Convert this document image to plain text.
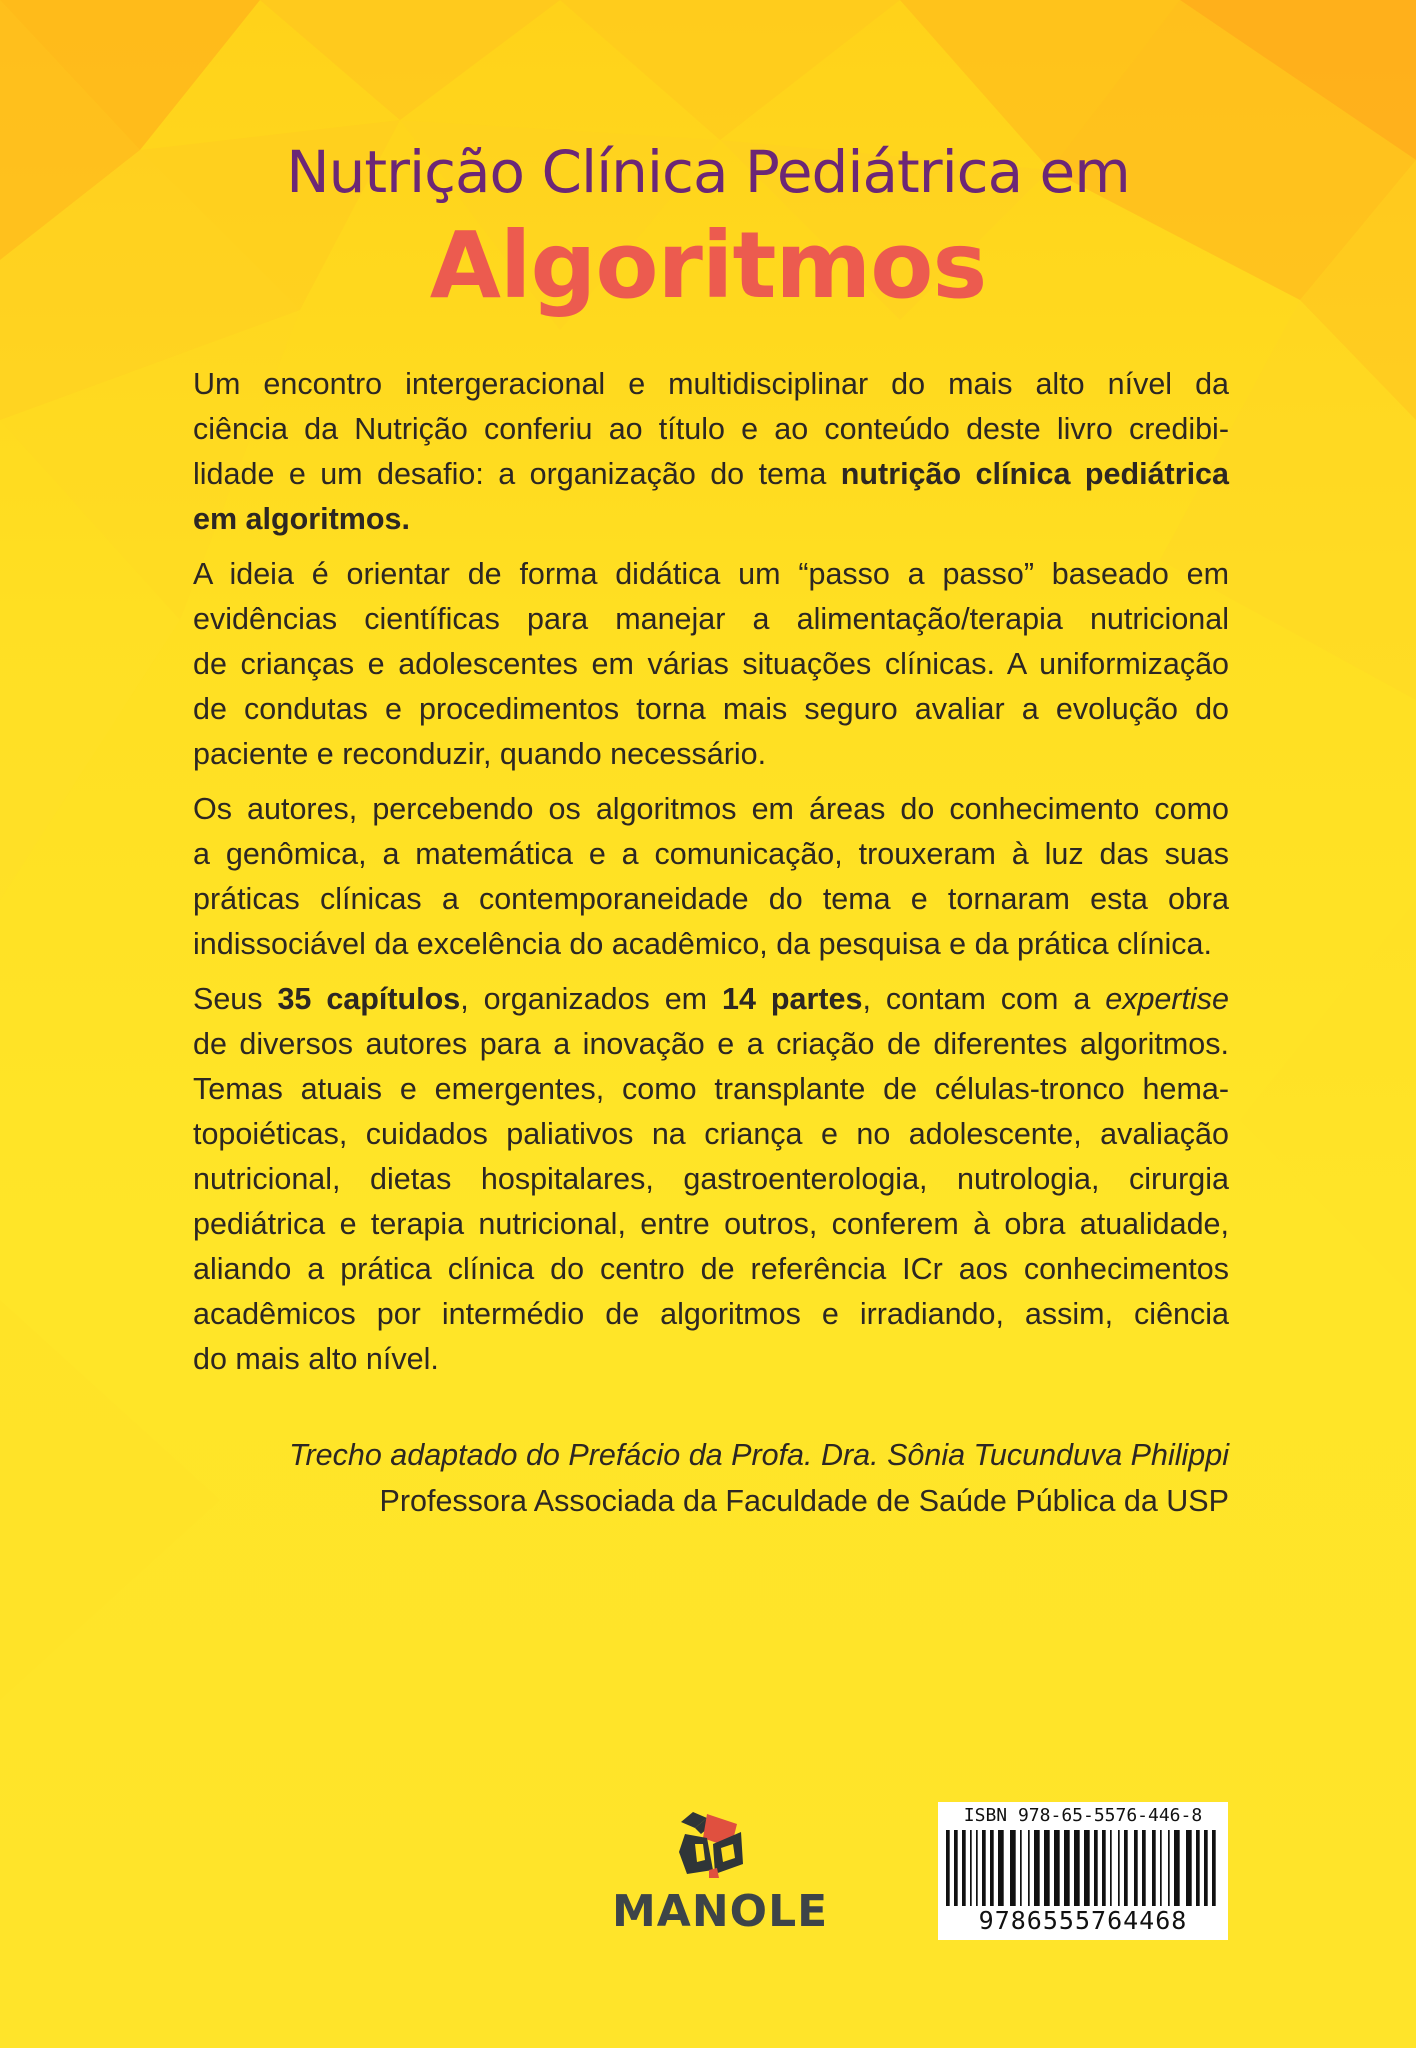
Nutrição Clínica Pediátrica em
Algoritmos

Um encontro intergeracional e multidisciplinar do mais alto nível da
ciência da Nutrição conferiu ao título e ao conteúdo deste livro credibi-
lidade e um desafio: a organização do tema nutrição clínica pediátrica
em algoritmos.

A ideia é orientar de forma didática um “passo a passo” baseado em
evidências científicas para manejar a alimentação/terapia nutricional
de crianças e adolescentes em várias situações clínicas. A uniformização
de condutas e procedimentos torna mais seguro avaliar a evolução do
paciente e reconduzir, quando necessário.

Os autores, percebendo os algoritmos em áreas do conhecimento como
a genômica, a matemática e a comunicação, trouxeram à luz das suas
práticas clínicas a contemporaneidade do tema e tornaram esta obra
indissociável da excelência do acadêmico, da pesquisa e da prática clínica.

Seus 35 capítulos, organizados em 14 partes, contam com a expertise
de diversos autores para a inovação e a criação de diferentes algoritmos.
Temas atuais e emergentes, como transplante de células-tronco hema-
topoiéticas, cuidados paliativos na criança e no adolescente, avaliação
nutricional, dietas hospitalares, gastroenterologia, nutrologia, cirurgia
pediátrica e terapia nutricional, entre outros, conferem à obra atualidade,
aliando a prática clínica do centro de referência ICr aos conhecimentos
acadêmicos por intermédio de algoritmos e irradiando, assim, ciência
do mais alto nível.

Trecho adaptado do Prefácio da Profa. Dra. Sônia Tucunduva Philippi
Professora Associada da Faculdade de Saúde Pública da USP
MANOLE
ISBN 978-65-5576-446-8
9786555764468
